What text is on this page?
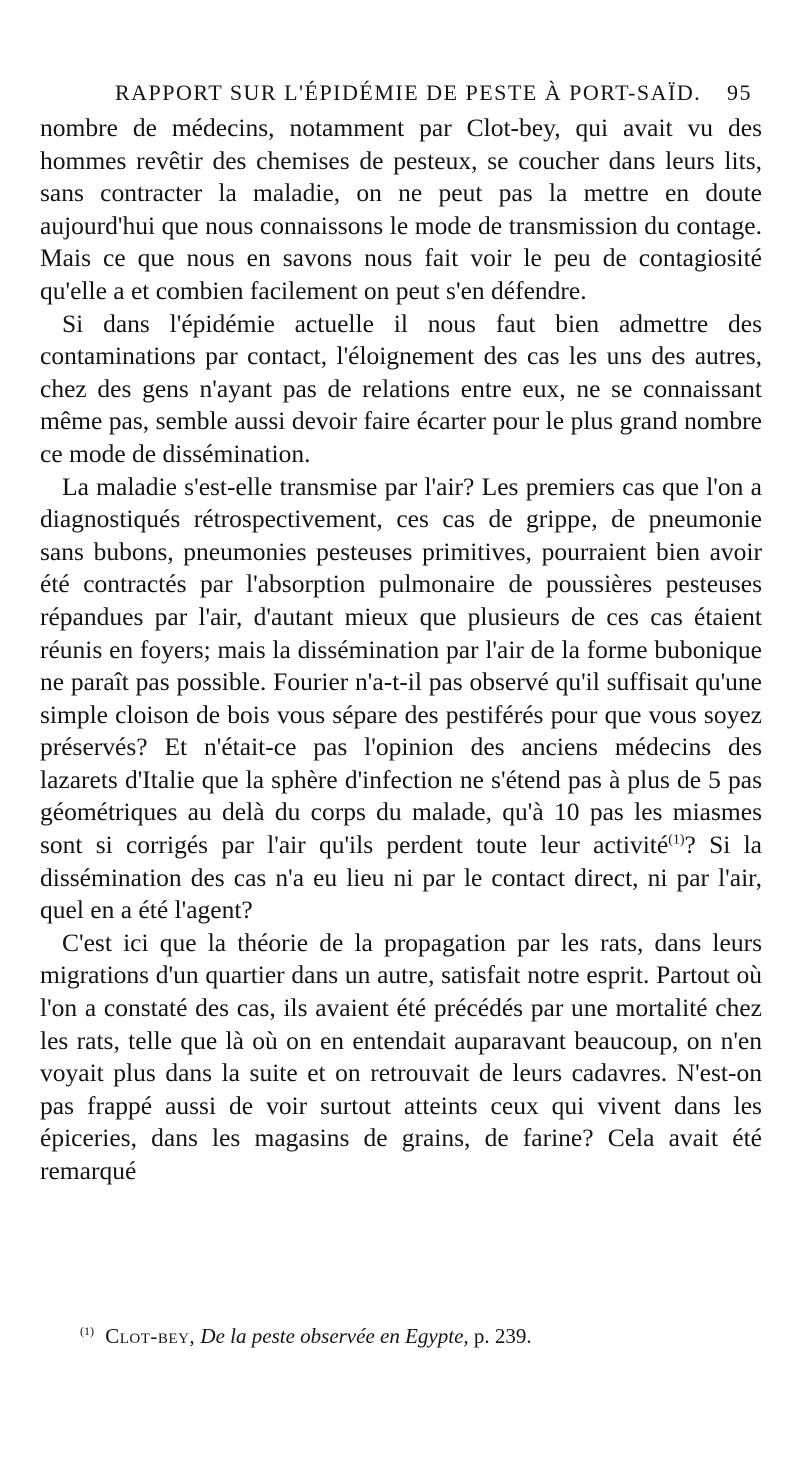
RAPPORT SUR L'ÉPIDÉMIE DE PESTE À PORT-SAÏD. 95

nombre de médecins, notamment par Clot-bey, qui avait vu des hommes revêtir des chemises de pesteux, se coucher dans leurs lits, sans contracter la maladie, on ne peut pas la mettre en doute aujourd'hui que nous connaissons le mode de transmission du contage. Mais ce que nous en savons nous fait voir le peu de contagiosité qu'elle a et combien facilement on peut s'en défendre.

Si dans l'épidémie actuelle il nous faut bien admettre des contaminations par contact, l'éloignement des cas les uns des autres, chez des gens n'ayant pas de relations entre eux, ne se connaissant même pas, semble aussi devoir faire écarter pour le plus grand nombre ce mode de dissémination.

La maladie s'est-elle transmise par l'air? Les premiers cas que l'on a diagnostiqués rétrospectivement, ces cas de grippe, de pneumonie sans bubons, pneumonies pesteuses primitives, pourraient bien avoir été contractés par l'absorption pulmonaire de poussières pesteuses répandues par l'air, d'autant mieux que plusieurs de ces cas étaient réunis en foyers; mais la dissémination par l'air de la forme bubonique ne paraît pas possible. Fourier n'a-t-il pas observé qu'il suffisait qu'une simple cloison de bois vous sépare des pestiférés pour que vous soyez préservés? Et n'était-ce pas l'opinion des anciens médecins des lazarets d'Italie que la sphère d'infection ne s'étend pas à plus de 5 pas géométriques au delà du corps du malade, qu'à 10 pas les miasmes sont si corrigés par l'air qu'ils perdent toute leur activité$^{(1)}$? Si la dissémination des cas n'a eu lieu ni par le contact direct, ni par l'air, quel en a été l'agent?

C'est ici que la théorie de la propagation par les rats, dans leurs migrations d'un quartier dans un autre, satisfait notre esprit. Partout où l'on a constaté des cas, ils avaient été précédés par une mortalité chez les rats, telle que là où on en entendait auparavant beaucoup, on n'en voyait plus dans la suite et on retrouvait de leurs cadavres. N'est-on pas frappé aussi de voir surtout atteints ceux qui vivent dans les épiceries, dans les magasins de grains, de farine? Cela avait été remarqué

$^{(1)}$ Clot-bey, De la peste observée en Egypte, p. 239.
